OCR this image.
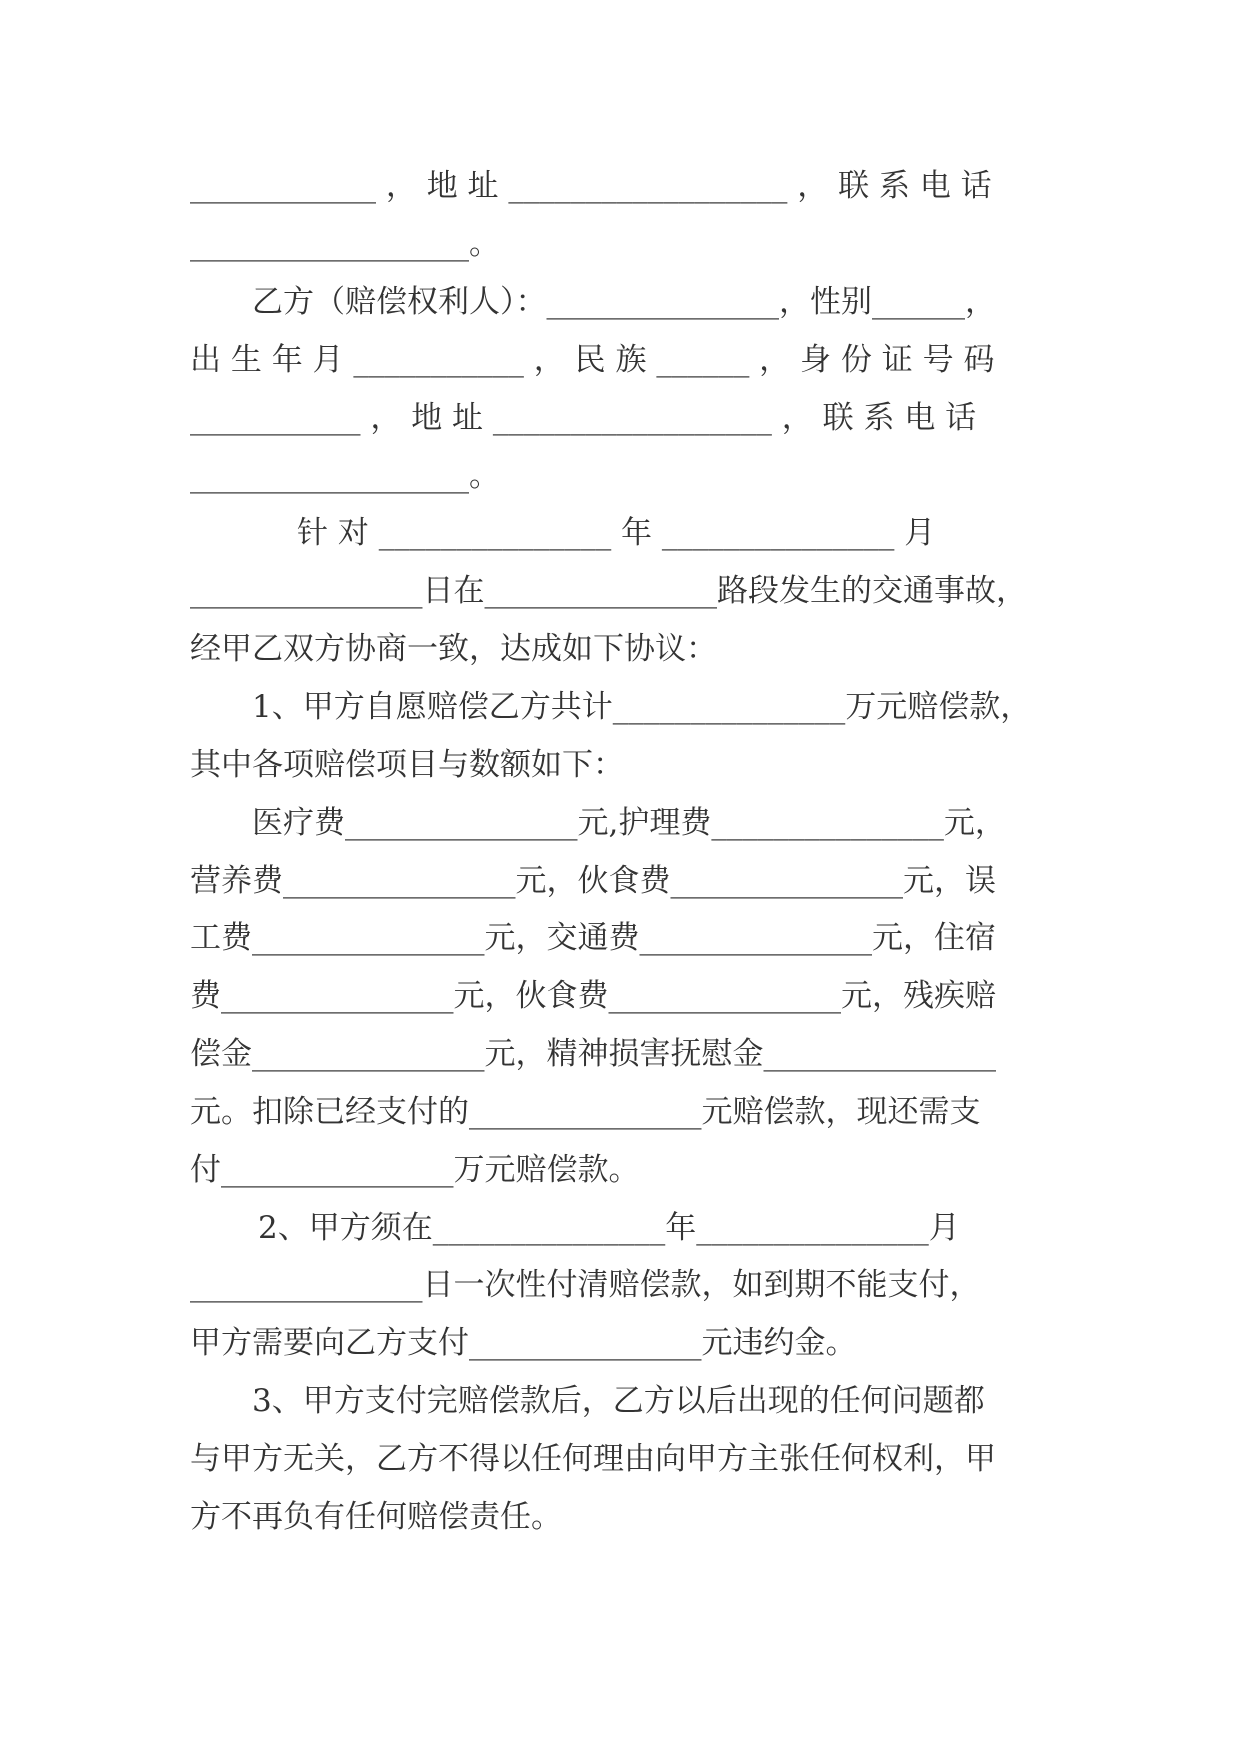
____________ ， 地 址 __________________ ， 联 系 电 话
__________________。
乙方（赔偿权利人）：_______________，性别______，
出 生 年 月 ___________ ， 民 族 ______ ， 身 份 证 号 码
___________ ， 地 址 __________________ ， 联 系 电 话
__________________。
针 对 _______________ 年 _______________ 月
_______________日在_______________路段发生的交通事故，
经甲乙双方协商一致，达成如下协议：
1、甲方自愿赔偿乙方共计_______________万元赔偿款，
其中各项赔偿项目与数额如下：
医疗费_______________元,护理费_______________元，
营养费_______________元，伙食费_______________元，误
工费_______________元，交通费_______________元，住宿
费_______________元，伙食费_______________元，残疾赔
偿金_______________元，精神损害抚慰金_______________
元。扣除已经支付的_______________元赔偿款，现还需支
付_______________万元赔偿款。
2、甲方须在_______________年_______________月
_______________日一次性付清赔偿款，如到期不能支付，
甲方需要向乙方支付_______________元违约金。
3、甲方支付完赔偿款后，乙方以后出现的任何问题都
与甲方无关，乙方不得以任何理由向甲方主张任何权利，甲
方不再负有任何赔偿责任。
